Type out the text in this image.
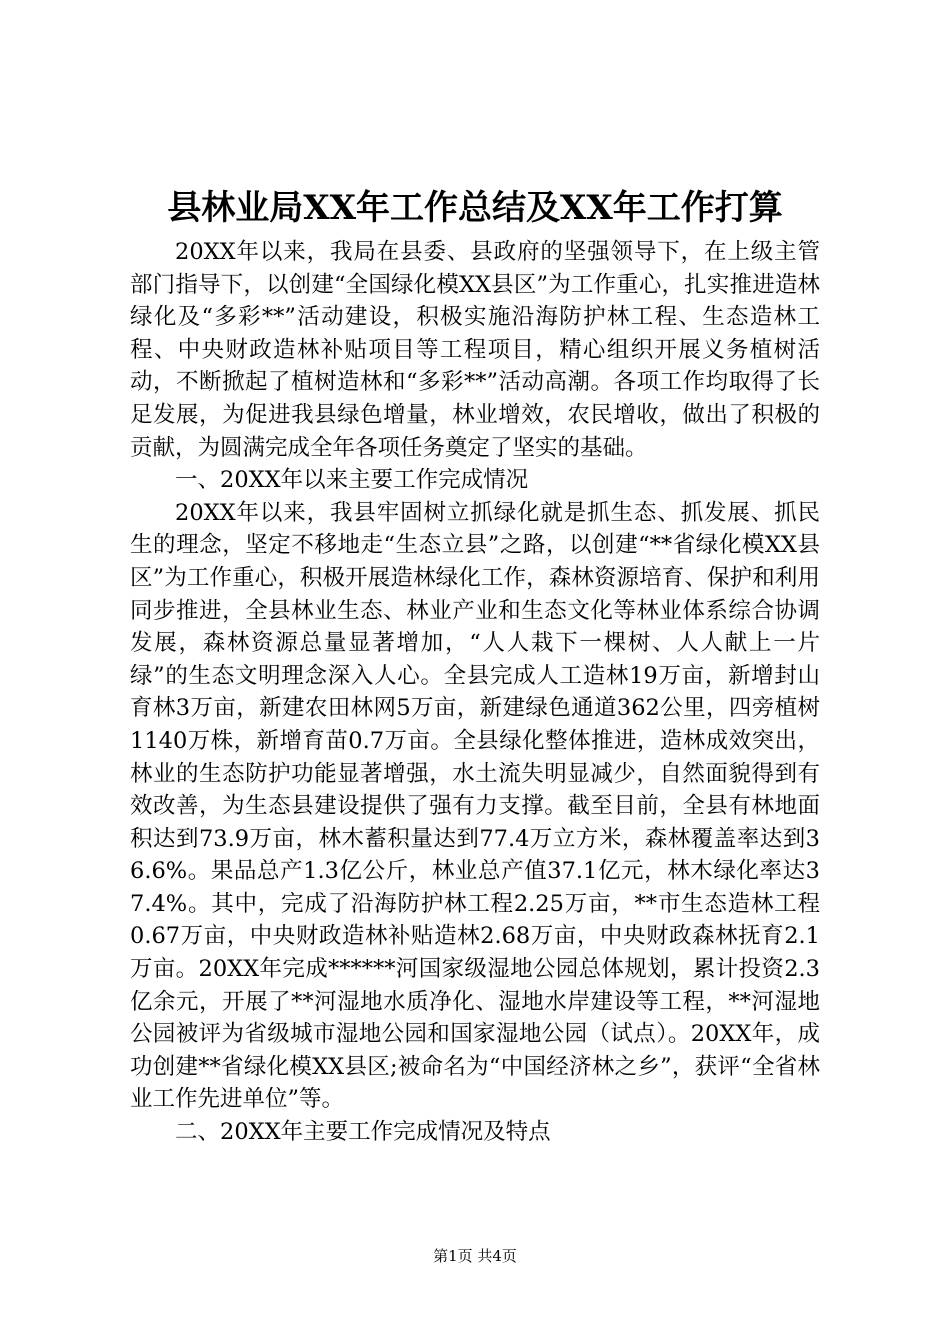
县林业局XX年工作总结及XX年工作打算

20XX年以来，我局在县委、县政府的坚强领导下，在上级主管部门指导下，以创建“全国绿化模XX县区”为工作重心，扎实推进造林绿化及“多彩**”活动建设，积极实施沿海防护林工程、生态造林工程、中央财政造林补贴项目等工程项目，精心组织开展义务植树活动，不断掀起了植树造林和“多彩**”活动高潮。各项工作均取得了长足发展，为促进我县绿色增量，林业增效，农民增收，做出了积极的贡献，为圆满完成全年各项任务奠定了坚实的基础。

一、20XX年以来主要工作完成情况

20XX年以来，我县牢固树立抓绿化就是抓生态、抓发展、抓民生的理念，坚定不移地走“生态立县”之路，以创建“**省绿化模XX县区”为工作重心，积极开展造林绿化工作，森林资源培育、保护和利用同步推进，全县林业生态、林业产业和生态文化等林业体系综合协调发展，森林资源总量显著增加，“人人栽下一棵树、人人献上一片绿”的生态文明理念深入人心。全县完成人工造林19万亩，新增封山育林3万亩，新建农田林网5万亩，新建绿色通道362公里，四旁植树1140万株，新增育苗0.7万亩。全县绿化整体推进，造林成效突出，林业的生态防护功能显著增强，水土流失明显减少，自然面貌得到有效改善，为生态县建设提供了强有力支撑。截至目前，全县有林地面积达到73.9万亩，林木蓄积量达到77.4万立方米，森林覆盖率达到36.6%。果品总产1.3亿公斤，林业总产值37.1亿元，林木绿化率达37.4%。其中，完成了沿海防护林工程2.25万亩，**市生态造林工程0.67万亩，中央财政造林补贴造林2.68万亩，中央财政森林抚育2.1万亩。20XX年完成******河国家级湿地公园总体规划，累计投资2.3亿余元，开展了**河湿地水质净化、湿地水岸建设等工程，**河湿地公园被评为省级城市湿地公园和国家湿地公园（试点）。20XX年，成功创建**省绿化模XX县区;被命名为“中国经济林之乡”，获评“全省林业工作先进单位”等。

二、20XX年主要工作完成情况及特点

第1页 共4页
